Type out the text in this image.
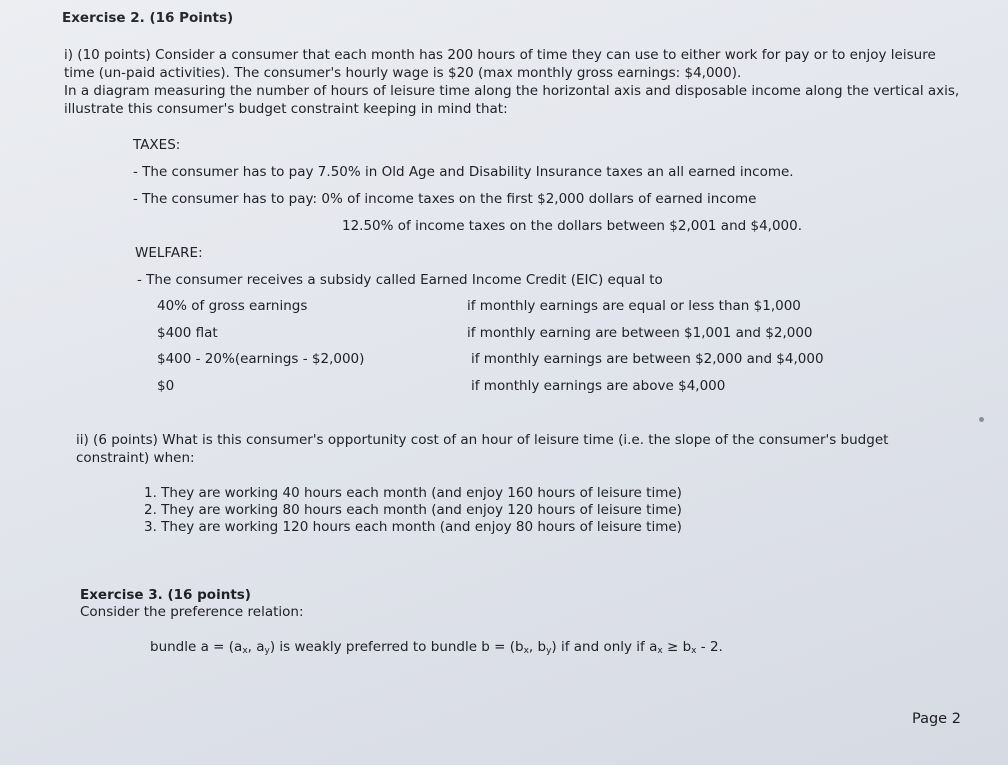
Exercise 2. (16 Points)

i) (10 points) Consider a consumer that each month has 200 hours of time they can use to either work for pay or to enjoy leisure time (un-paid activities). The consumer's hourly wage is $20 (max monthly gross earnings: $4,000).

In a diagram measuring the number of hours of leisure time along the horizontal axis and disposable income along the vertical axis, illustrate this consumer's budget constraint keeping in mind that:

TAXES:
- The consumer has to pay 7.50% in Old Age and Disability Insurance taxes an all earned income.
- The consumer has to pay: 0% of income taxes on the first $2,000 dollars of earned income
12.50% of income taxes on the dollars between $2,001 and $4,000.
WELFARE:
- The consumer receives a subsidy called Earned Income Credit (EIC) equal to
40% of gross earnings	if monthly earnings are equal or less than $1,000
$400 flat	if monthly earning are between $1,001 and $2,000
$400 - 20%(earnings - $2,000)	if monthly earnings are between $2,000 and $4,000
$0	if monthly earnings are above $4,000

ii) (6 points) What is this consumer's opportunity cost of an hour of leisure time (i.e. the slope of the consumer's budget constraint) when:

1. They are working 40 hours each month (and enjoy 160 hours of leisure time)
2. They are working 80 hours each month (and enjoy 120 hours of leisure time)
3. They are working 120 hours each month (and enjoy 80 hours of leisure time)
Exercise 3. (16 points)
Consider the preference relation:
bundle $a = (a_x$, $a_y$) is weakly preferred to bundle $b = (b_x$, $b_y$) if and only if $a_x \ge b_x - 2$.
Page 2
